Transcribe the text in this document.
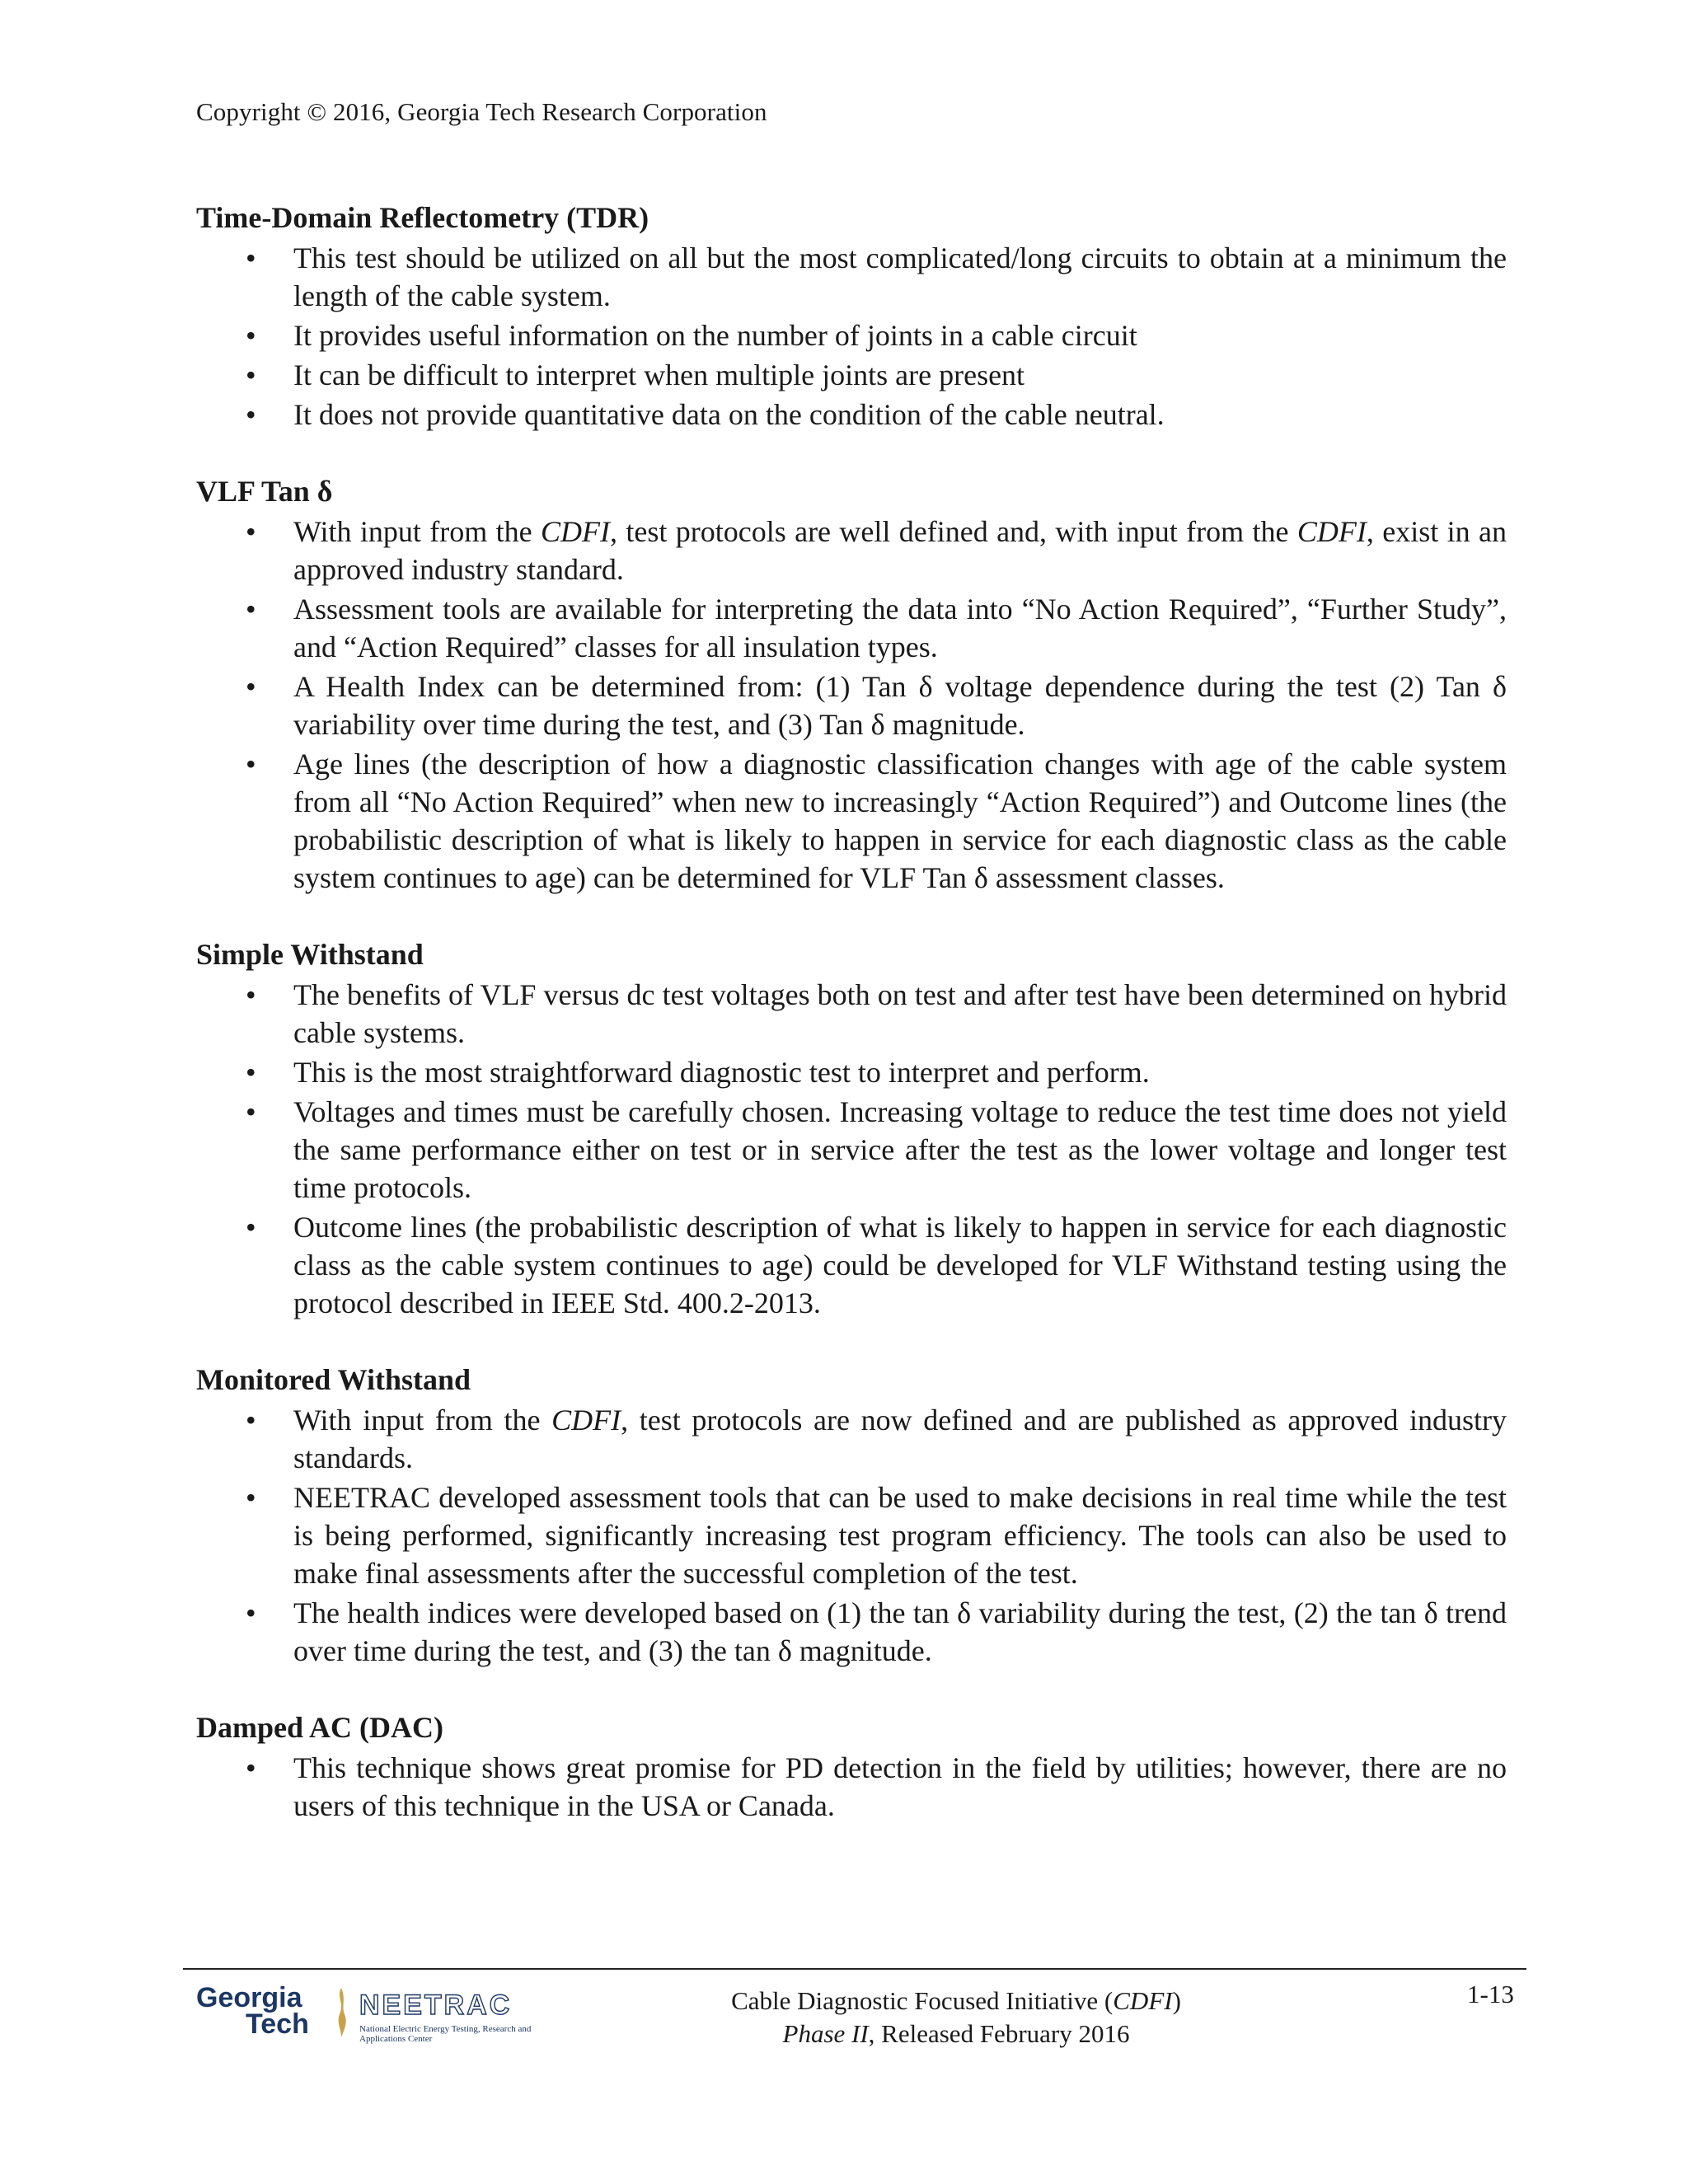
Copyright © 2016, Georgia Tech Research Corporation
Time-Domain Reflectometry (TDR)
• This test should be utilized on all but the most complicated/long circuits to obtain at a minimum the length of the cable system.
• It provides useful information on the number of joints in a cable circuit
• It can be difficult to interpret when multiple joints are present
• It does not provide quantitative data on the condition of the cable neutral.
VLF Tan δ
• With input from the CDFI, test protocols are well defined and, with input from the CDFI, exist in an approved industry standard.
• Assessment tools are available for interpreting the data into “No Action Required”, “Further Study”, and “Action Required” classes for all insulation types.
• A Health Index can be determined from: (1) Tan δ voltage dependence during the test (2) Tan δ variability over time during the test, and (3) Tan δ magnitude.
• Age lines (the description of how a diagnostic classification changes with age of the cable system from all “No Action Required” when new to increasingly “Action Required”) and Outcome lines (the probabilistic description of what is likely to happen in service for each diagnostic class as the cable system continues to age) can be determined for VLF Tan δ assessment classes.
Simple Withstand
• The benefits of VLF versus dc test voltages both on test and after test have been determined on hybrid cable systems.
• This is the most straightforward diagnostic test to interpret and perform.
• Voltages and times must be carefully chosen. Increasing voltage to reduce the test time does not yield the same performance either on test or in service after the test as the lower voltage and longer test time protocols.
• Outcome lines (the probabilistic description of what is likely to happen in service for each diagnostic class as the cable system continues to age) could be developed for VLF Withstand testing using the protocol described in IEEE Std. 400.2-2013.
Monitored Withstand
• With input from the CDFI, test protocols are now defined and are published as approved industry standards.
• NEETRAC developed assessment tools that can be used to make decisions in real time while the test is being performed, significantly increasing test program efficiency. The tools can also be used to make final assessments after the successful completion of the test.
• The health indices were developed based on (1) the tan δ variability during the test, (2) the tan δ trend over time during the test, and (3) the tan δ magnitude.
Damped AC (DAC)
• This technique shows great promise for PD detection in the field by utilities; however, there are no users of this technique in the USA or Canada.
Georgia
Tech
NEETRAC
National Electric Energy Testing, Research and Applications Center
Cable Diagnostic Focused Initiative (CDFI)
Phase II, Released February 2016
1-13
